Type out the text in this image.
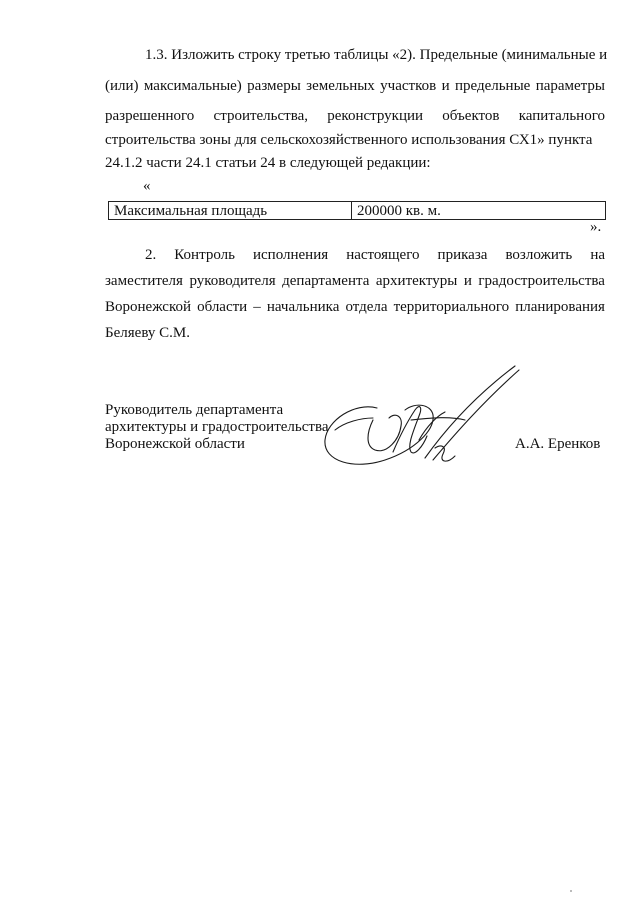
1.3. Изложить строку третью таблицы «2). Предельные (минимальные и
(или) максимальные) размеры земельных участков и предельные параметры
разрешенного строительства, реконструкции объектов капитального
строительства зоны для сельскохозяйственного использования СХ1» пункта
24.1.2 части 24.1 статьи 24 в следующей редакции:
«
Максимальная площадь	200000 кв. м.
».
2. Контроль исполнения настоящего приказа возложить на
заместителя руководителя департамента архитектуры и градостроительства
Воронежской области – начальника отдела территориального планирования
Беляеву С.М.
Руководитель департамента
архитектуры и градостроительства
Воронежской области	А.А. Еренков
